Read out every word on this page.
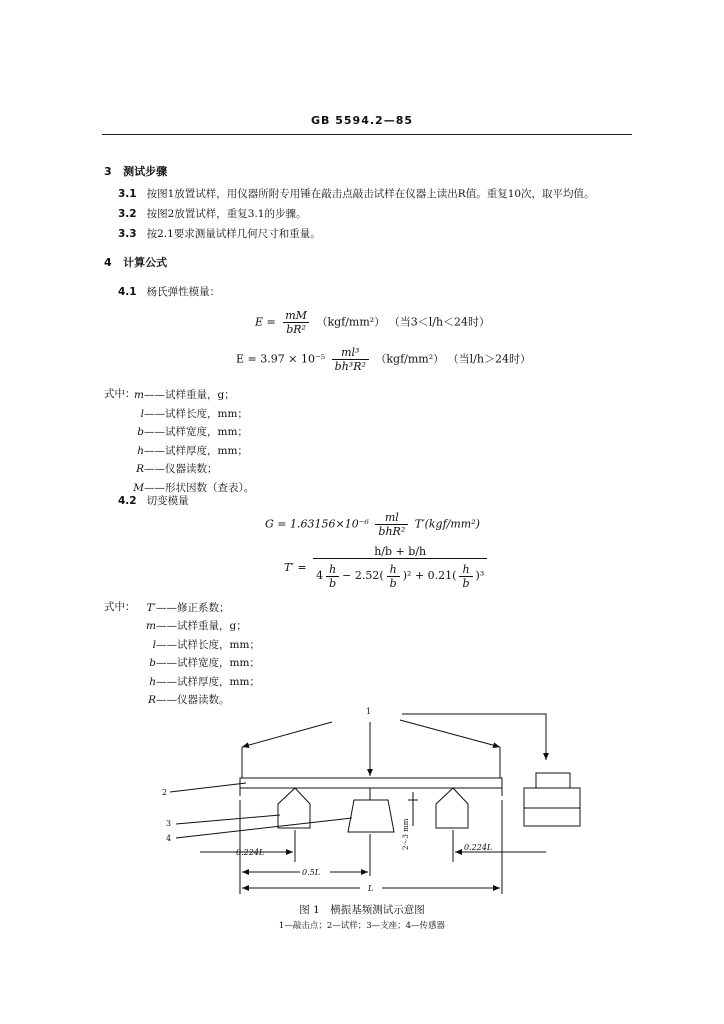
GB 5594.2—85
3 测试步骤
3.1 按图1放置试样，用仪器所附专用锤在敲击点敲击试样在仪器上读出R值。重复10次，取平均值。
3.2 按图2放置试样，重复3.1的步骤。
3.3 按2.1要求测量试样几何尺寸和重量。
4 计算公式
4.1 杨氏弹性模量：
$E = \frac{mM}{\text{bR²}} (kgf/mm^2)$ （当3＜l/h＜24时）
$E = 3.97 \times 10^{-5} \frac{\text{ml³}}{\text{bh³R²}} (kgf/mm^2)$ （当l/h＞24时）
式中：
m——试样重量，g；
l——试样长度，mm；
b——试样宽度，mm；
h——试样厚度，mm；
R——仪器读数；
M——形状因数（查表）。
4.2 切变模量
$G = 1.63156\times 10^{-6} \frac{ml}{\text{bhR²}} T'(kgf/mm^2)$
$T' = \frac{h/b + b/h}{4 \frac{h}{b} - 2.52( \frac{h}{b} )^2 + 0.21( \frac{h}{b} )^3}$
式中：	T′——修正系数；
m——试样重量，g；
l——试样长度，mm；
b——试样宽度，mm；
h——试样厚度，mm；
R——仪器读数。
1
2
3
4
0.224L
0.224L
0.5L
L
2～3 mm
图 1　横振基频测试示意图
1—敲击点；2—试样；3—支座；4—传感器
